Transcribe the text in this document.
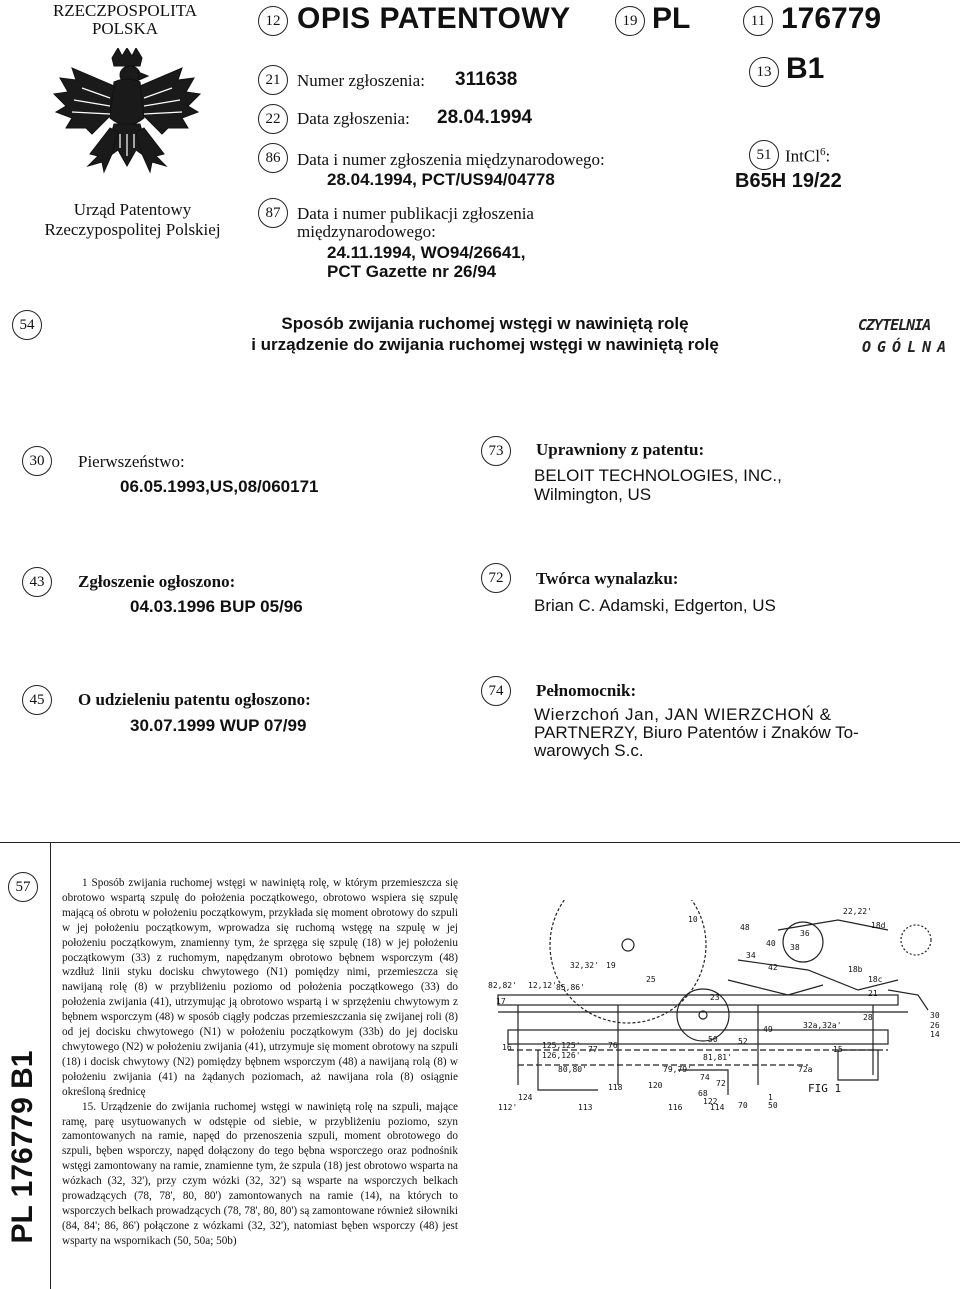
RZECZPOSPOLITA
POLSKA
Urząd Patentowy
Rzeczypospolitej Polskiej
12 OPIS PATENTOWY	19 PL	11 176779
13 B1
21 Numer zgłoszenia: 311638
22 Data zgłoszenia: 28.04.1994
86 Data i numer zgłoszenia międzynarodowego:
28.04.1994, PCT/US94/04778
87 Data i numer publikacji zgłoszenia
międzynarodowego:
24.11.1994, WO94/26641,
PCT Gazette nr 26/94
51 IntCl$^6$:
B65H 19/22
54	Sposób zwijania ruchomej wstęgi w nawiniętą rolę
i urządzenie do zwijania ruchomej wstęgi w nawiniętą rolę
CZYTELNIA
OGÓLNA
30	Pierwszeństwo:
06.05.1993,US,08/060171
73	Uprawniony z patentu:
BELOIT TECHNOLOGIES, INC.,
Wilmington, US
43	Zgłoszenie ogłoszono:
04.03.1996 BUP 05/96
72	Twórca wynalazku:
Brian C. Adamski, Edgerton, US
45	O udzieleniu patentu ogłoszono:
30.07.1999 WUP 07/99
74	Pełnomocnik:
Wierzchoń Jan, JAN WIERZCHOŃ &
PARTNERZY, Biuro Patentów i Znaków To-
warowych S.c.
57
PL 176779 B1

1 Sposób zwijania ruchomej wstęgi w nawiniętą rolę, w którym przemieszcza się obrotowo wspartą szpulę do położenia początkowego, obrotowo wspiera się szpulę mającą oś obrotu w położeniu początkowym, przykłada się moment obrotowy do szpuli w jej położeniu początkowym, wprowadza się ruchomą wstęgę na szpulę w jej położeniu początkowym, znamienny tym, że sprzęga się szpulę (18) w jej położeniu początkowym (33) z ruchomym, napędzanym obrotowo bębnem wsporczym (48) wzdłuż linii styku docisku chwytowego (N1) pomiędzy nimi, przemieszcza się nawijaną rolę (8) w przybliżeniu poziomo od położenia początkowego (33) do położenia zwijania (41), utrzymując ją obrotowo wspartą i w sprzężeniu chwytowym z bębnem wsporczym (48) w sposób ciągły podczas przemieszczania się zwijanej roli (8) od jej docisku chwytowego (N1) w położeniu początkowym (33b) do jej docisku chwytowego (N2) w położeniu zwijania (41), utrzymuje się moment obrotowy na szpuli (18) i docisk chwytowy (N2) pomiędzy bębnem wsporczym (48) a nawijaną rolą (8) w położeniu zwijania (41) na żądanych poziomach, aż nawijana rola (8) osiągnie określoną średnicę

15. Urządzenie do zwijania ruchomej wstęgi w nawiniętą rolę na szpuli, mające ramę, parę usytuowanych w odstępie od siebie, w przybliżeniu poziomo, szyn zamontowanych na ramie, napęd do przenoszenia szpuli, moment obrotowego do szpuli, bęben wsporczy, napęd dołączony do tego bębna wsporczego oraz podnośnik wstęgi zamontowany na ramie, znamienne tym, że szpula (18) jest obrotowo wsparta na wózkach (32, 32'), przy czym wózki (32, 32') są wsparte na wsporczych belkach prowadzących (78, 78', 80, 80') zamontowanych na ramie (14), na których to wsporczych belkach prowadzących (78, 78', 80, 80') są zamontowane również siłowniki (84, 84'; 86, 86') połączone z wózkami (32, 32'), natomiast bęben wsporczy (48) jest wsparty na wspornikach (50, 50a; 50b)

10
48
22,22'
36
40 38
18d
18b
18c
21
32,32' 19
34
25
42
82,82' 12,12' 85,86'
17	23
30
28
26
14
16	125,125'
126,126'
77 76
81,81'
50	52
15
32a,32a'
49
80,80'	79,79'
74
72
72a
118	120
68
122
114
1
70	50
124
112'	113	116
FIG 1
